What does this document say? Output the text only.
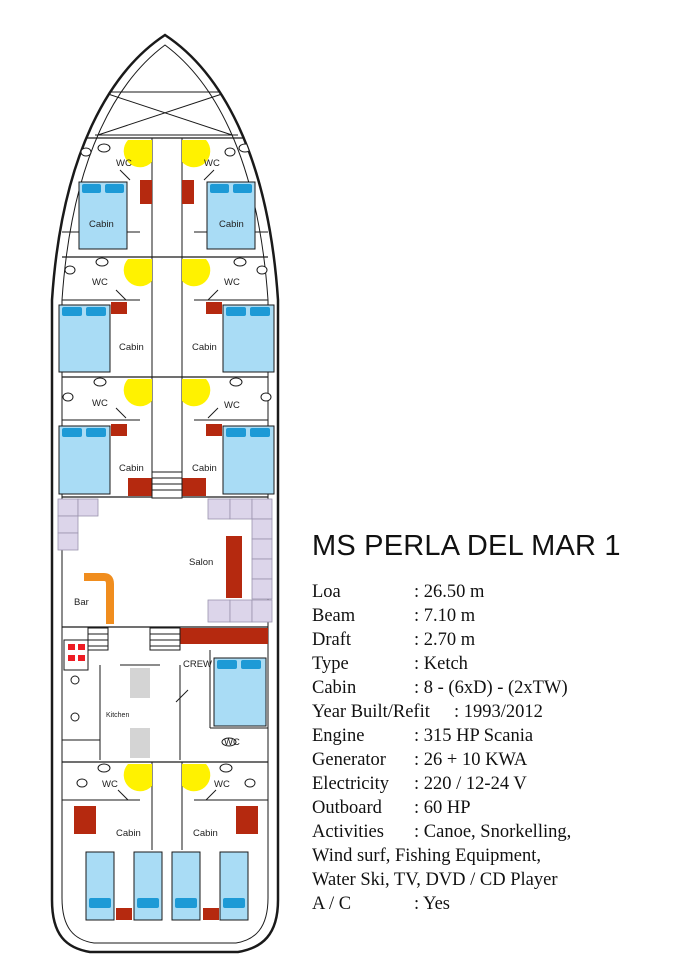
WC	WC
Cabin	Cabin
WC	WC
Cabin	Cabin
WC	WC
Cabin	Cabin
Salon
Bar
CREW
Kitchen
WC
WC	WC
Cabin	Cabin
MS PERLA DEL MAR 1
Loa	: 26.50 m
Beam	: 7.10 m
Draft	: 2.70 m
Type	: Ketch
Cabin	: 8 - (6xD) - (2xTW)
Year Built/Refit : 1993/2012
Engine	: 315 HP Scania
Generator : 26 + 10 KWA
Electricity : 220 / 12-24 V
Outboard : 60 HP
Activities : Canoe, Snorkelling,
Wind surf, Fishing Equipment,
Water Ski, TV, DVD / CD Player
A / C	: Yes
